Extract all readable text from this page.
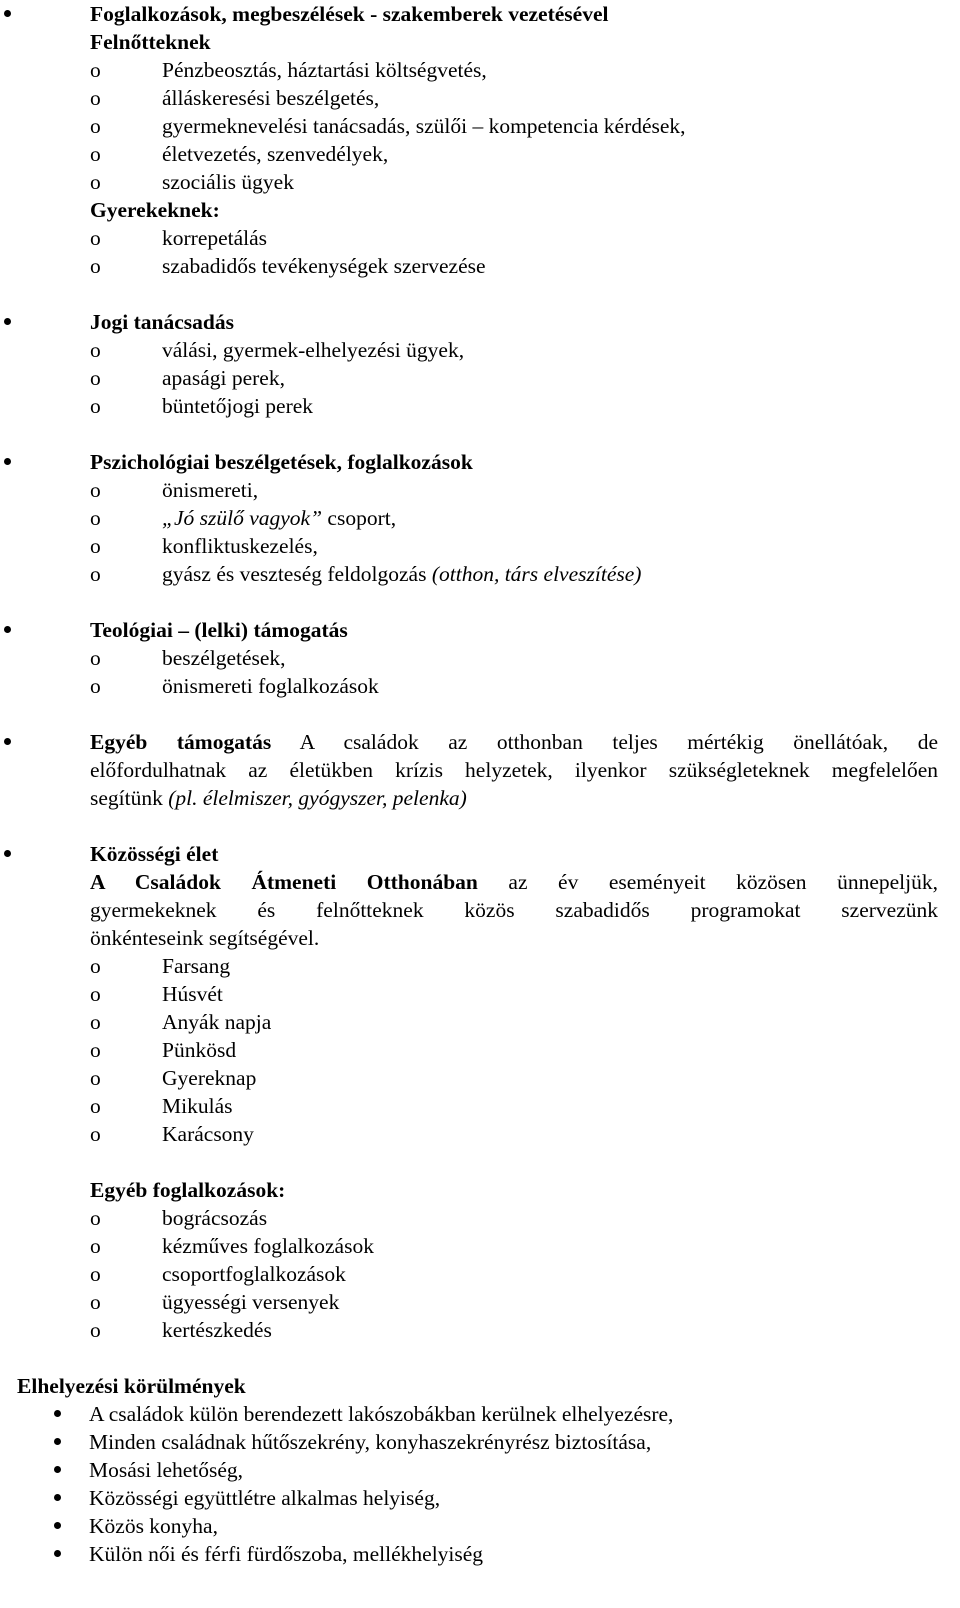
Foglalkozások, megbeszélések - szakemberek vezetésével
Felnőtteknek
o	Pénzbeosztás, háztartási költségvetés,
o	álláskeresési beszélgetés,
o	gyermeknevelési tanácsadás, szülői – kompetencia kérdések,
o	életvezetés, szenvedélyek,
o	szociális ügyek
Gyerekeknek:
o	korrepetálás
o	szabadidős tevékenységek szervezése
Jogi tanácsadás
o	válási, gyermek-elhelyezési ügyek,
o	apasági perek,
o	büntetőjogi perek
Pszichológiai beszélgetések, foglalkozások
o	önismereti,
o	„Jó szülő vagyok” csoport,
o	konfliktuskezelés,
o	gyász és veszteség feldolgozás (otthon, társ elveszítése)
Teológiai – (lelki) támogatás
o	beszélgetések,
o	önismereti foglalkozások
Egyéb támogatás A családok az otthonban teljes mértékig önellátóak, de
előfordulhatnak az életükben krízis helyzetek, ilyenkor szükségleteknek megfelelően
segítünk (pl. élelmiszer, gyógyszer, pelenka)
Közösségi élet
A Családok Átmeneti Otthonában az év eseményeit közösen ünnepeljük,
gyermekeknek és felnőtteknek közös szabadidős programokat szervezünk
önkénteseink segítségével.
o	Farsang
o	Húsvét
o	Anyák napja
o	Pünkösd
o	Gyereknap
o	Mikulás
o	Karácsony
Egyéb foglalkozások:
o	bográcsozás
o	kézműves foglalkozások
o	csoportfoglalkozások
o	ügyességi versenyek
o	kertészkedés
Elhelyezési körülmények
A családok külön berendezett lakószobákban kerülnek elhelyezésre,
Minden családnak hűtőszekrény, konyhaszekrényrész biztosítása,
Mosási lehetőség,
Közösségi együttlétre alkalmas helyiség,
Közös konyha,
Külön női és férfi fürdőszoba, mellékhelyiség
